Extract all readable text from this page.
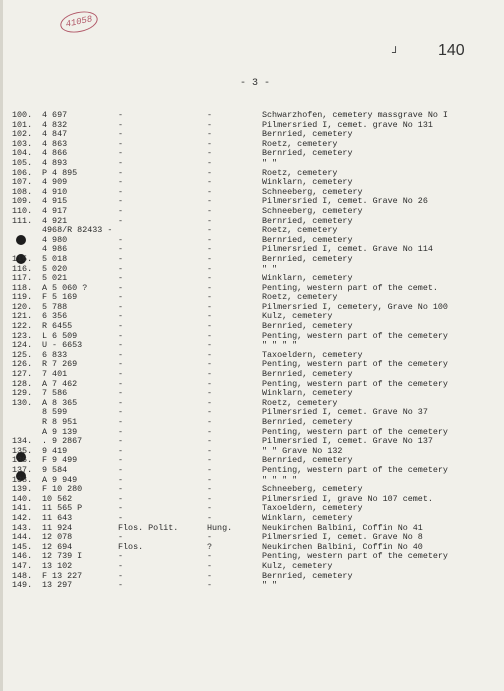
41058
┘ 140
- 3 -
100. 4 697	-	-	Schwarzhofen, cemetery massgrave No I
101. 4 832	-	-	Pilmersried I, cemet. grave No 131
102. 4 847	-	-	Bernried, cemetery
103. 4 863	-	-	Roetz, cemetery
104. 4 866	-	-	Bernried, cemetery
105. 4 893	-	-	" "
106. P 4 895	-	-	Roetz, cemetery
107. 4 909	-	-	Winklarn, cemetery
108. 4 910	-	-	Schneeberg, cemetery
109. 4 915	-	-	Pilmersried I, cemet. Grave No 26
110. 4 917	-	-	Schneeberg, cemetery
111. 4 921	-	-	Bernried, cemetery
4968/R 82433 -	-	Roetz, cemetery
4 980	-	-	Bernried, cemetery
4 986	-	-	Pilmersried I, cemet. Grave No 114
115. 5 018	-	-	Bernried, cemetery
116. 5 020	-	-	" "
117. 5 021	-	-	Winklarn, cemetery
118. A 5 060 ?	-	-	Penting, western part of the cemet.
119. F 5 169	-	-	Roetz, cemetery
120. 5 788	-	-	Pilmersried I, cemetery, Grave No 100
121. 6 356	-	-	Kulz, cemetery
122. R 6455	-	-	Bernried, cemetery
123. L 6 509	-	-	Penting, western part of the cemetery
124. U - 6653	-	-	" " " "
125. 6 833	-	-	Taxoeldern, cemetery
126. R 7 269	-	-	Penting, western part of the cemetery
127. 7 401	-	-	Bernried, cemetery
128. A 7 462	-	-	Penting, western part of the cemetery
129. 7 586	-	-	Winklarn, cemetery
130. A 8 365	-	-	Roetz, cemetery
8 599	-	-	Pilmersried I, cemet. Grave No 37
R 8 951	-	-	Bernried, cemetery
A 9 139	-	-	Penting, western part of the cemetery
134. . 9 2867	-	-	Pilmersried I, cemet. Grave No 137
135. 9 419	-	-	" " Grave No 132
136. F 9 499	-	-	Bernried, cemetery
137. 9 584	-	-	Penting, western part of the cemetery
138. A 9 949	-	-	" " " "
139. F 10 280	-	-	Schneeberg, cemetery
140. 10 562	-	-	Pilmersried I, grave No 107 cemet.
141. 11 565 P	-	-	Taxoeldern, cemetery
142. 11 643	-	-	Winklarn, cemetery
143. 11 924	Flos. Polit.	Hung.	Neukirchen Balbini, Coffin No 41
144. 12 078	-	-	Pilmersried I, cemet. Grave No 8
145. 12 694	Flos.	?	Neukirchen Balbini, Coffin No 40
146. 12 739 I	-	-	Penting, western part of the cemetery
147. 13 102	-	-	Kulz, cemetery
148. F 13 227	-	-	Bernried, cemetery
149. 13 297	-	-	" "
